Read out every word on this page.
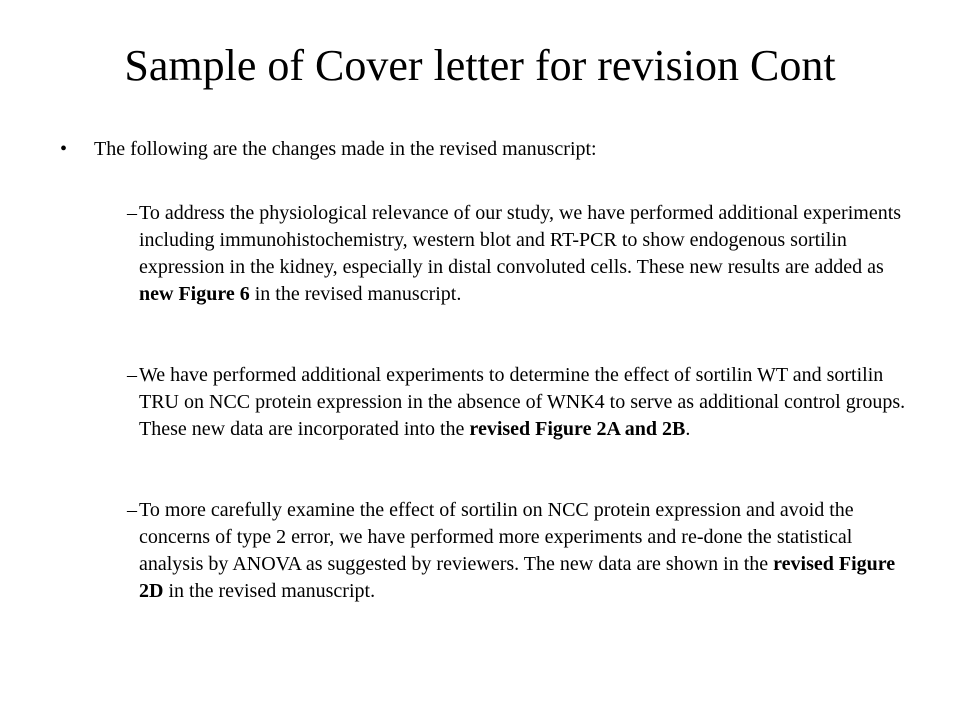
Sample of Cover letter for revision Cont
•	The following are the changes made in the revised manuscript:
– To address the physiological relevance of our study, we have performed additional experiments including immunohistochemistry, western blot and RT-PCR to show endogenous sortilin expression in the kidney, especially in distal convoluted cells. These new results are added as new Figure 6 in the revised manuscript.
– We have performed additional experiments to determine the effect of sortilin WT and sortilin TRU on NCC protein expression in the absence of WNK4 to serve as additional control groups. These new data are incorporated into the revised Figure 2A and 2B.
– To more carefully examine the effect of sortilin on NCC protein expression and avoid the concerns of type 2 error, we have performed more experiments and re-done the statistical analysis by ANOVA as suggested by reviewers. The new data are shown in the revised Figure 2D in the revised manuscript.
